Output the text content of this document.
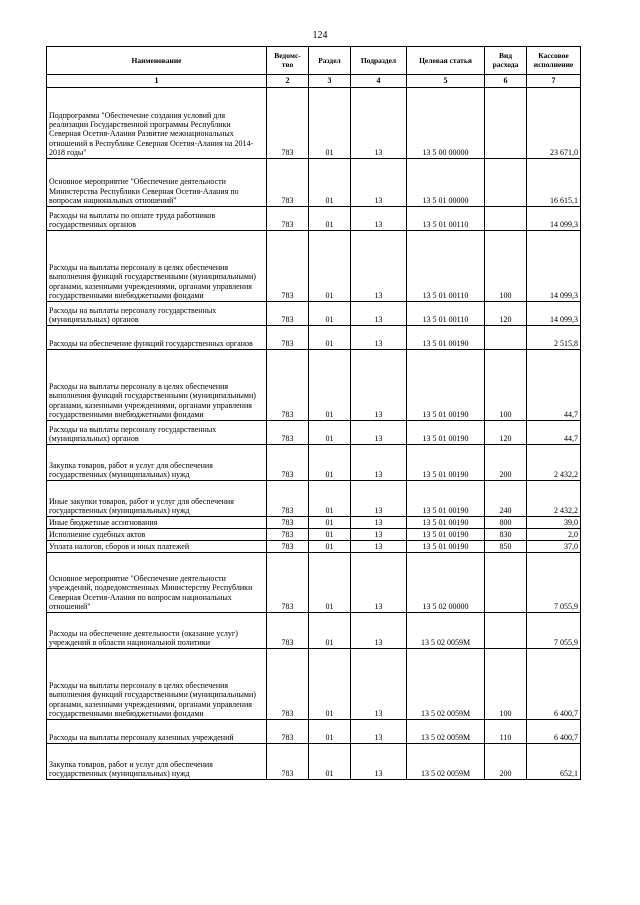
124
Наименование	Ведомс-тво	Раздел	Подраздел	Целевая статья	Вид расхода	Кассовое исполнение
1	2	3	4	5	6	7
Подпрограмма "Обеспечение создания условий для реализации Государственной программы Республики Северная Осетия-Алания Развитие межнациональных отношений в Республике Северная Осетия-Алания на 2014-2018 годы"	783	01	13	13 5 00 00000		23 671,0
Основное мероприятие "Обеспечение деятельности Министерства Республики Северная Осетия-Алания по вопросам национальных отношений"	783	01	13	13 5 01 00000		16 615,1
Расходы на выплаты по оплате труда работников государственных органов	783	01	13	13 5 01 00110		14 099,3
Расходы на выплаты персоналу в целях обеспечения выполнения функций государственными (муниципальными) органами, казенными учреждениями, органами управления государственными внебюджетными фондами	783	01	13	13 5 01 00110	100	14 099,3
Расходы на выплаты персоналу государственных (муниципальных) органов	783	01	13	13 5 01 00110	120	14 099,3
Расходы на обеспечение функций государственных органов	783	01	13	13 5 01 00190		2 515,8
Расходы на выплаты персоналу в целях обеспечения выполнения функций государственными (муниципальными) органами, казенными учреждениями, органами управления государственными внебюджетными фондами	783	01	13	13 5 01 00190	100	44,7
Расходы на выплаты персоналу государственных (муниципальных) органов	783	01	13	13 5 01 00190	120	44,7
Закупка товаров, работ и услуг для обеспечения государственных (муниципальных) нужд	783	01	13	13 5 01 00190	200	2 432,2
Иные закупки товаров, работ и услуг для обеспечения государственных (муниципальных) нужд	783	01	13	13 5 01 00190	240	2 432,2
Иные бюджетные ассигнования	783	01	13	13 5 01 00190	800	39,0
Исполнение судебных актов	783	01	13	13 5 01 00190	830	2,0
Уплата налогов, сборов и иных платежей	783	01	13	13 5 01 00190	850	37,0
Основное мероприятие "Обеспечение деятельности учреждений, подведомственных Министерству Республики Северная Осетия-Алания по вопросам национальных отношений"	783	01	13	13 5 02 00000		7 055,9
Расходы на обеспечение деятельности (оказание услуг) учреждений в области национальной политики	783	01	13	13 5 02 0059M		7 055,9
Расходы на выплаты персоналу в целях обеспечения выполнения функций государственными (муниципальными) органами, казенными учреждениями, органами управления государственными внебюджетными фондами	783	01	13	13 5 02 0059M	100	6 400,7
Расходы на выплаты персоналу казенных учреждений	783	01	13	13 5 02 0059M	110	6 400,7
Закупка товаров, работ и услуг для обеспечения государственных (муниципальных) нужд	783	01	13	13 5 02 0059M	200	652,1
